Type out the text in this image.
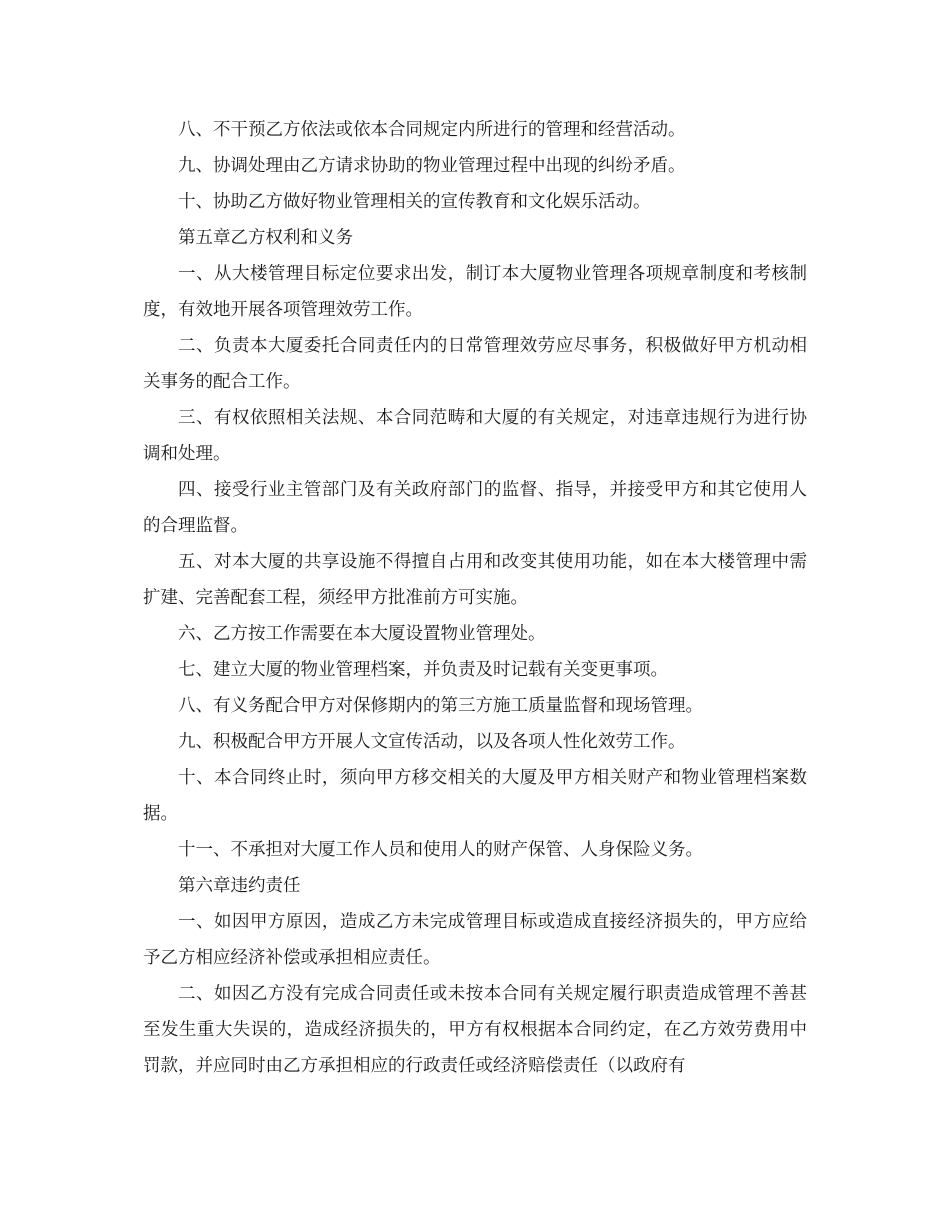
八、不干预乙方依法或依本合同规定内所进行的管理和经营活动。

九、协调处理由乙方请求协助的物业管理过程中出现的纠纷矛盾。

十、协助乙方做好物业管理相关的宣传教育和文化娱乐活动。

第五章乙方权利和义务

一、从大楼管理目标定位要求出发，制订本大厦物业管理各项规章制度和考核制度，有效地开展各项管理效劳工作。

二、负责本大厦委托合同责任内的日常管理效劳应尽事务，积极做好甲方机动相关事务的配合工作。

三、有权依照相关法规、本合同范畴和大厦的有关规定，对违章违规行为进行协调和处理。

四、接受行业主管部门及有关政府部门的监督、指导，并接受甲方和其它使用人的合理监督。

五、对本大厦的共享设施不得擅自占用和改变其使用功能，如在本大楼管理中需扩建、完善配套工程，须经甲方批准前方可实施。

六、乙方按工作需要在本大厦设置物业管理处。

七、建立大厦的物业管理档案，并负责及时记载有关变更事项。

八、有义务配合甲方对保修期内的第三方施工质量监督和现场管理。

九、积极配合甲方开展人文宣传活动，以及各项人性化效劳工作。

十、本合同终止时，须向甲方移交相关的大厦及甲方相关财产和物业管理档案数据。

十一、不承担对大厦工作人员和使用人的财产保管、人身保险义务。

第六章违约责任

一、如因甲方原因，造成乙方未完成管理目标或造成直接经济损失的，甲方应给予乙方相应经济补偿或承担相应责任。

二、如因乙方没有完成合同责任或未按本合同有关规定履行职责造成管理不善甚至发生重大失误的，造成经济损失的，甲方有权根据本合同约定，在乙方效劳费用中罚款，并应同时由乙方承担相应的行政责任或经济赔偿责任（以政府有
